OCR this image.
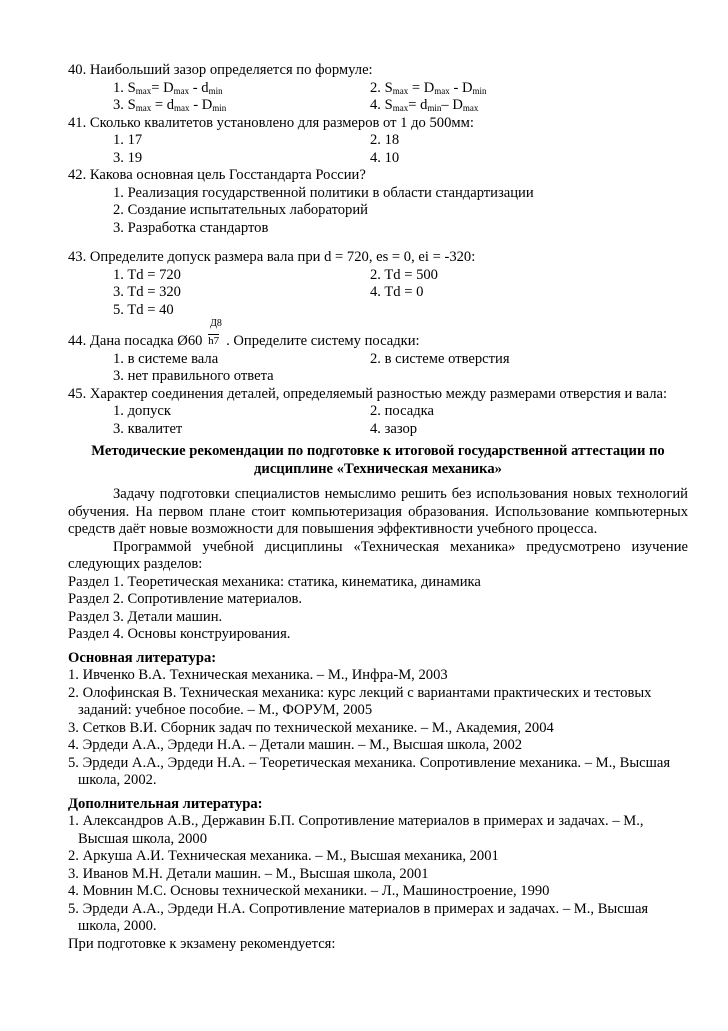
40. Наибольший зазор определяется по формуле:
1. $S_{max}= D_{max} - d_{min}$	2. $S_{max} = D_{max} - D_{min}$
3. $S_{max} = d_{max} - D_{min}$	4. $S_{max}= d_{min}-$ $D_{max}$
41. Сколько квалитетов установлено для размеров от 1 до 500мм:
1. 17	2. 18
3. 19	4. 10
42. Какова основная цель Госстандарта России?
1. Реализация государственной политики в области стандартизации
2. Создание испытательных лабораторий
3. Разработка стандартов
43. Определите допуск размера вала при d = 720, es = 0, ei = -320:
1. Td = 720	2. Td = 500
3. Td = 320	4. Td = 0
5. Td = 40
44. Дана посадка Ø60 $\frac{Д8}{h7}$ . Определите систему посадки:
1. в системе вала	2. в системе отверстия
3. нет правильного ответа
45. Характер соединения деталей, определяемый разностью между размерами отверстия и вала:
1. допуск	2. посадка
3. квалитет	4. зазор
Методические рекомендации по подготовке к итоговой государственной аттестации по дисциплине «Техническая механика»
Задачу подготовки специалистов немыслимо решить без использования новых технологий обучения. На первом плане стоит компьютеризация образования. Использование компьютерных средств даёт новые возможности для повышения эффективности учебного процесса.
Программой учебной дисциплины «Техническая механика» предусмотрено изучение следующих разделов:
Раздел 1. Теоретическая механика: статика, кинематика, динамика
Раздел 2. Сопротивление материалов.
Раздел 3. Детали машин.
Раздел 4. Основы конструирования.
Основная литература:
1. Ивченко В.А. Техническая механика. – М., Инфра-М, 2003
2. Олофинская В. Техническая механика: курс лекций с вариантами практических и тестовых заданий: учебное пособие. – М., ФОРУМ, 2005
3. Сетков В.И. Сборник задач по технической механике. – М., Академия, 2004
4. Эрдеди А.А., Эрдеди Н.А. – Детали машин. – М., Высшая школа, 2002
5. Эрдеди А.А., Эрдеди Н.А. – Теоретическая механика. Сопротивление механика. – М., Высшая школа, 2002.
Дополнительная литература:
1. Александров А.В., Державин Б.П. Сопротивление материалов в примерах и задачах. – М., Высшая школа, 2000
2. Аркуша А.И. Техническая механика. – М., Высшая механика, 2001
3. Иванов М.Н. Детали машин. – М., Высшая школа, 2001
4. Мовнин М.С. Основы технической механики. – Л., Машиностроение, 1990
5. Эрдеди А.А., Эрдеди Н.А. Сопротивление материалов в примерах и задачах. – М., Высшая школа, 2000.
При подготовке к экзамену рекомендуется:
